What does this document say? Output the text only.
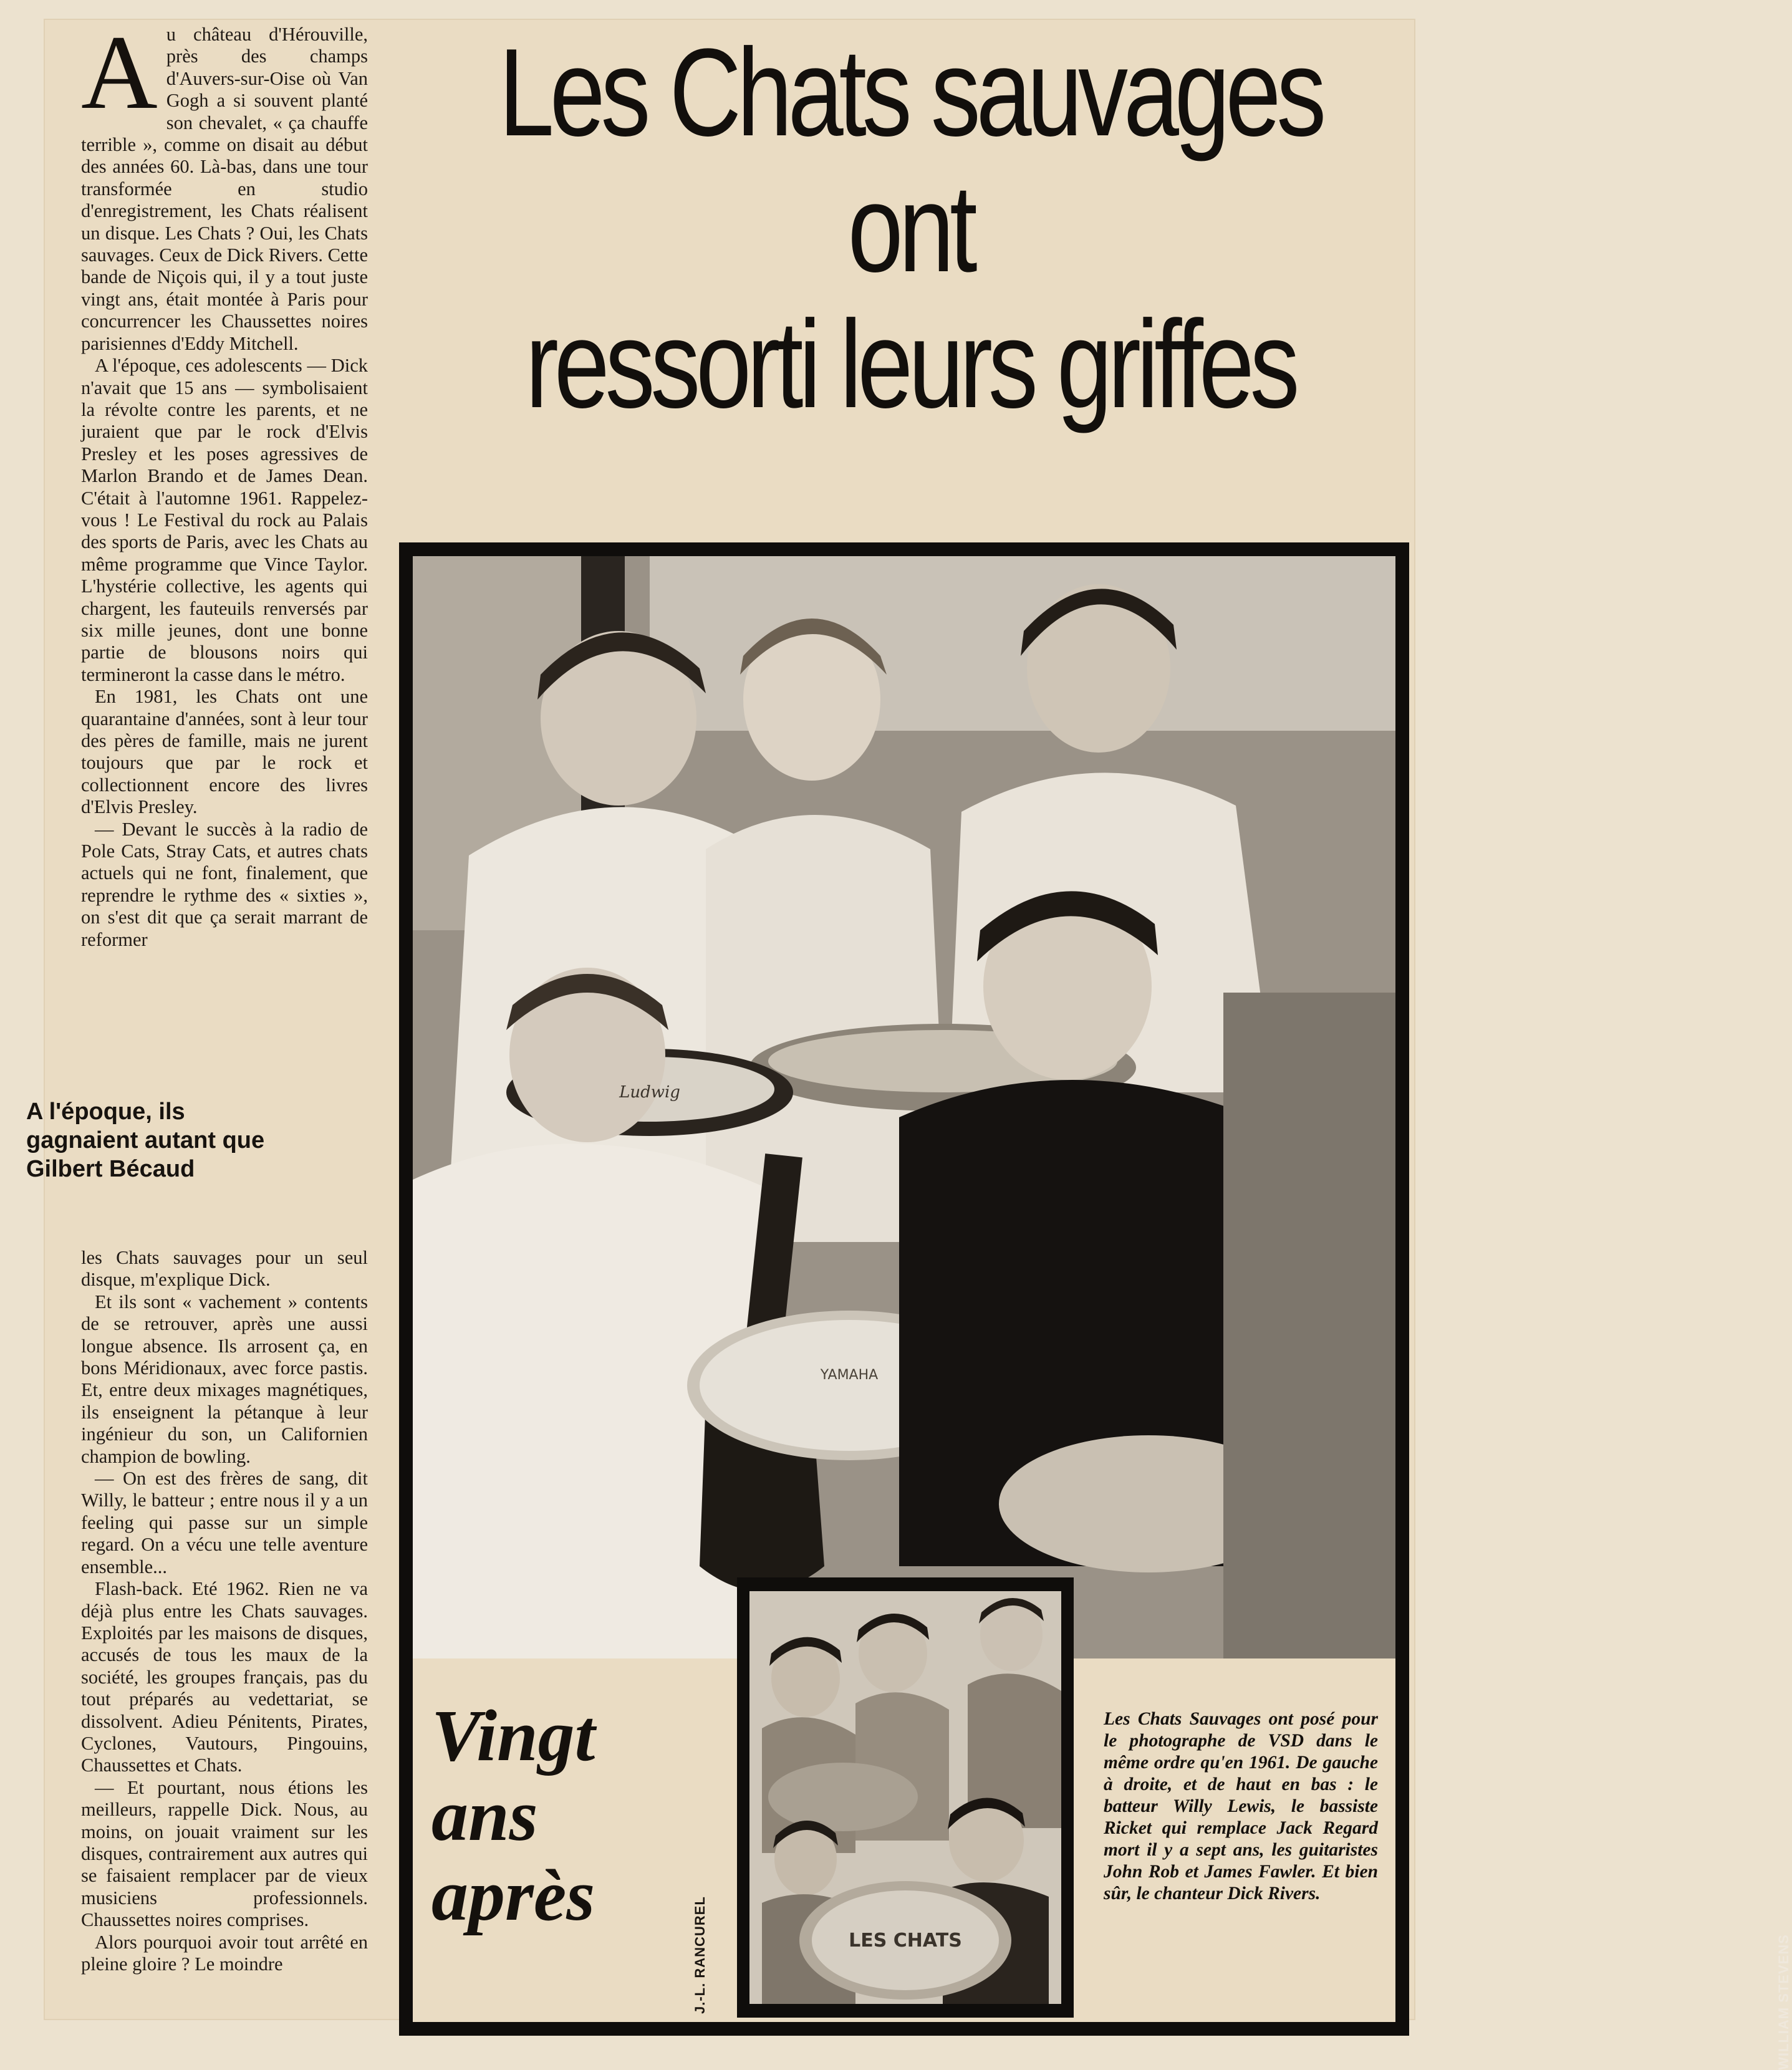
Les Chats sauvages
ont
ressorti leurs griffes
A u château d'Hérouville, près des champs d'Auvers-sur-Oise où Van Gogh a si souvent planté son chevalet, « ça chauffe terrible », comme on disait au début des années 60. Là-bas, dans une tour transformée en studio d'enregistrement, les Chats réalisent un disque. Les Chats ? Oui, les Chats sauvages. Ceux de Dick Rivers. Cette bande de Niçois qui, il y a tout juste vingt ans, était montée à Paris pour concurrencer les Chaussettes noires parisiennes d'Eddy Mitchell.

A l'époque, ces adolescents — Dick n'avait que 15 ans — symbolisaient la révolte contre les parents, et ne juraient que par le rock d'Elvis Presley et les poses agressives de Marlon Brando et de James Dean. C'était à l'automne 1961. Rappelez-vous ! Le Festival du rock au Palais des sports de Paris, avec les Chats au même programme que Vince Taylor. L'hystérie collective, les agents qui chargent, les fauteuils renversés par six mille jeunes, dont une bonne partie de blousons noirs qui termineront la casse dans le métro.

En 1981, les Chats ont une quarantaine d'années, sont à leur tour des pères de famille, mais ne jurent toujours que par le rock et collectionnent encore des livres d'Elvis Presley.

— Devant le succès à la radio de Pole Cats, Stray Cats, et autres chats actuels qui ne font, finalement, que reprendre le rythme des « sixties », on s'est dit que ça serait marrant de reformer

A l'époque, ils
gagnaient autant que
Gilbert Bécaud

les Chats sauvages pour un seul disque, m'explique Dick.

Et ils sont « vachement » contents de se retrouver, après une aussi longue absence. Ils arrosent ça, en bons Méridionaux, avec force pastis. Et, entre deux mixages magnétiques, ils enseignent la pétanque à leur ingénieur du son, un Californien champion de bowling.

— On est des frères de sang, dit Willy, le batteur ; entre nous il y a un feeling qui passe sur un simple regard. On a vécu une telle aventure ensemble...

Flash-back. Eté 1962. Rien ne va déjà plus entre les Chats sauvages. Exploités par les maisons de disques, accusés de tous les maux de la société, les groupes français, pas du tout préparés au vedettariat, se dissolvent. Adieu Pénitents, Pirates, Cyclones, Vautours, Pingouins, Chaussettes et Chats.

— Et pourtant, nous étions les meilleurs, rappelle Dick. Nous, au moins, on jouait vraiment sur les disques, contrairement aux autres qui se faisaient remplacer par de vieux musiciens professionnels. Chaussettes noires comprises.

Alors pourquoi avoir tout arrêté en pleine gloire ? Le moindre

Ludwig
YAMAHA
WILLIAM STEVENS
Vingt
ans
après
J.-L. RANCUREL	LES CHATS
Les Chats Sauvages ont posé pour le photographe de VSD dans le même ordre qu'en 1961. De gauche à droite, et de haut en bas : le batteur Willy Lewis, le bassiste Ricket qui remplace Jack Regard mort il y a sept ans, les guitaristes John Rob et James Fawler. Et bien sûr, le chanteur Dick Rivers.
